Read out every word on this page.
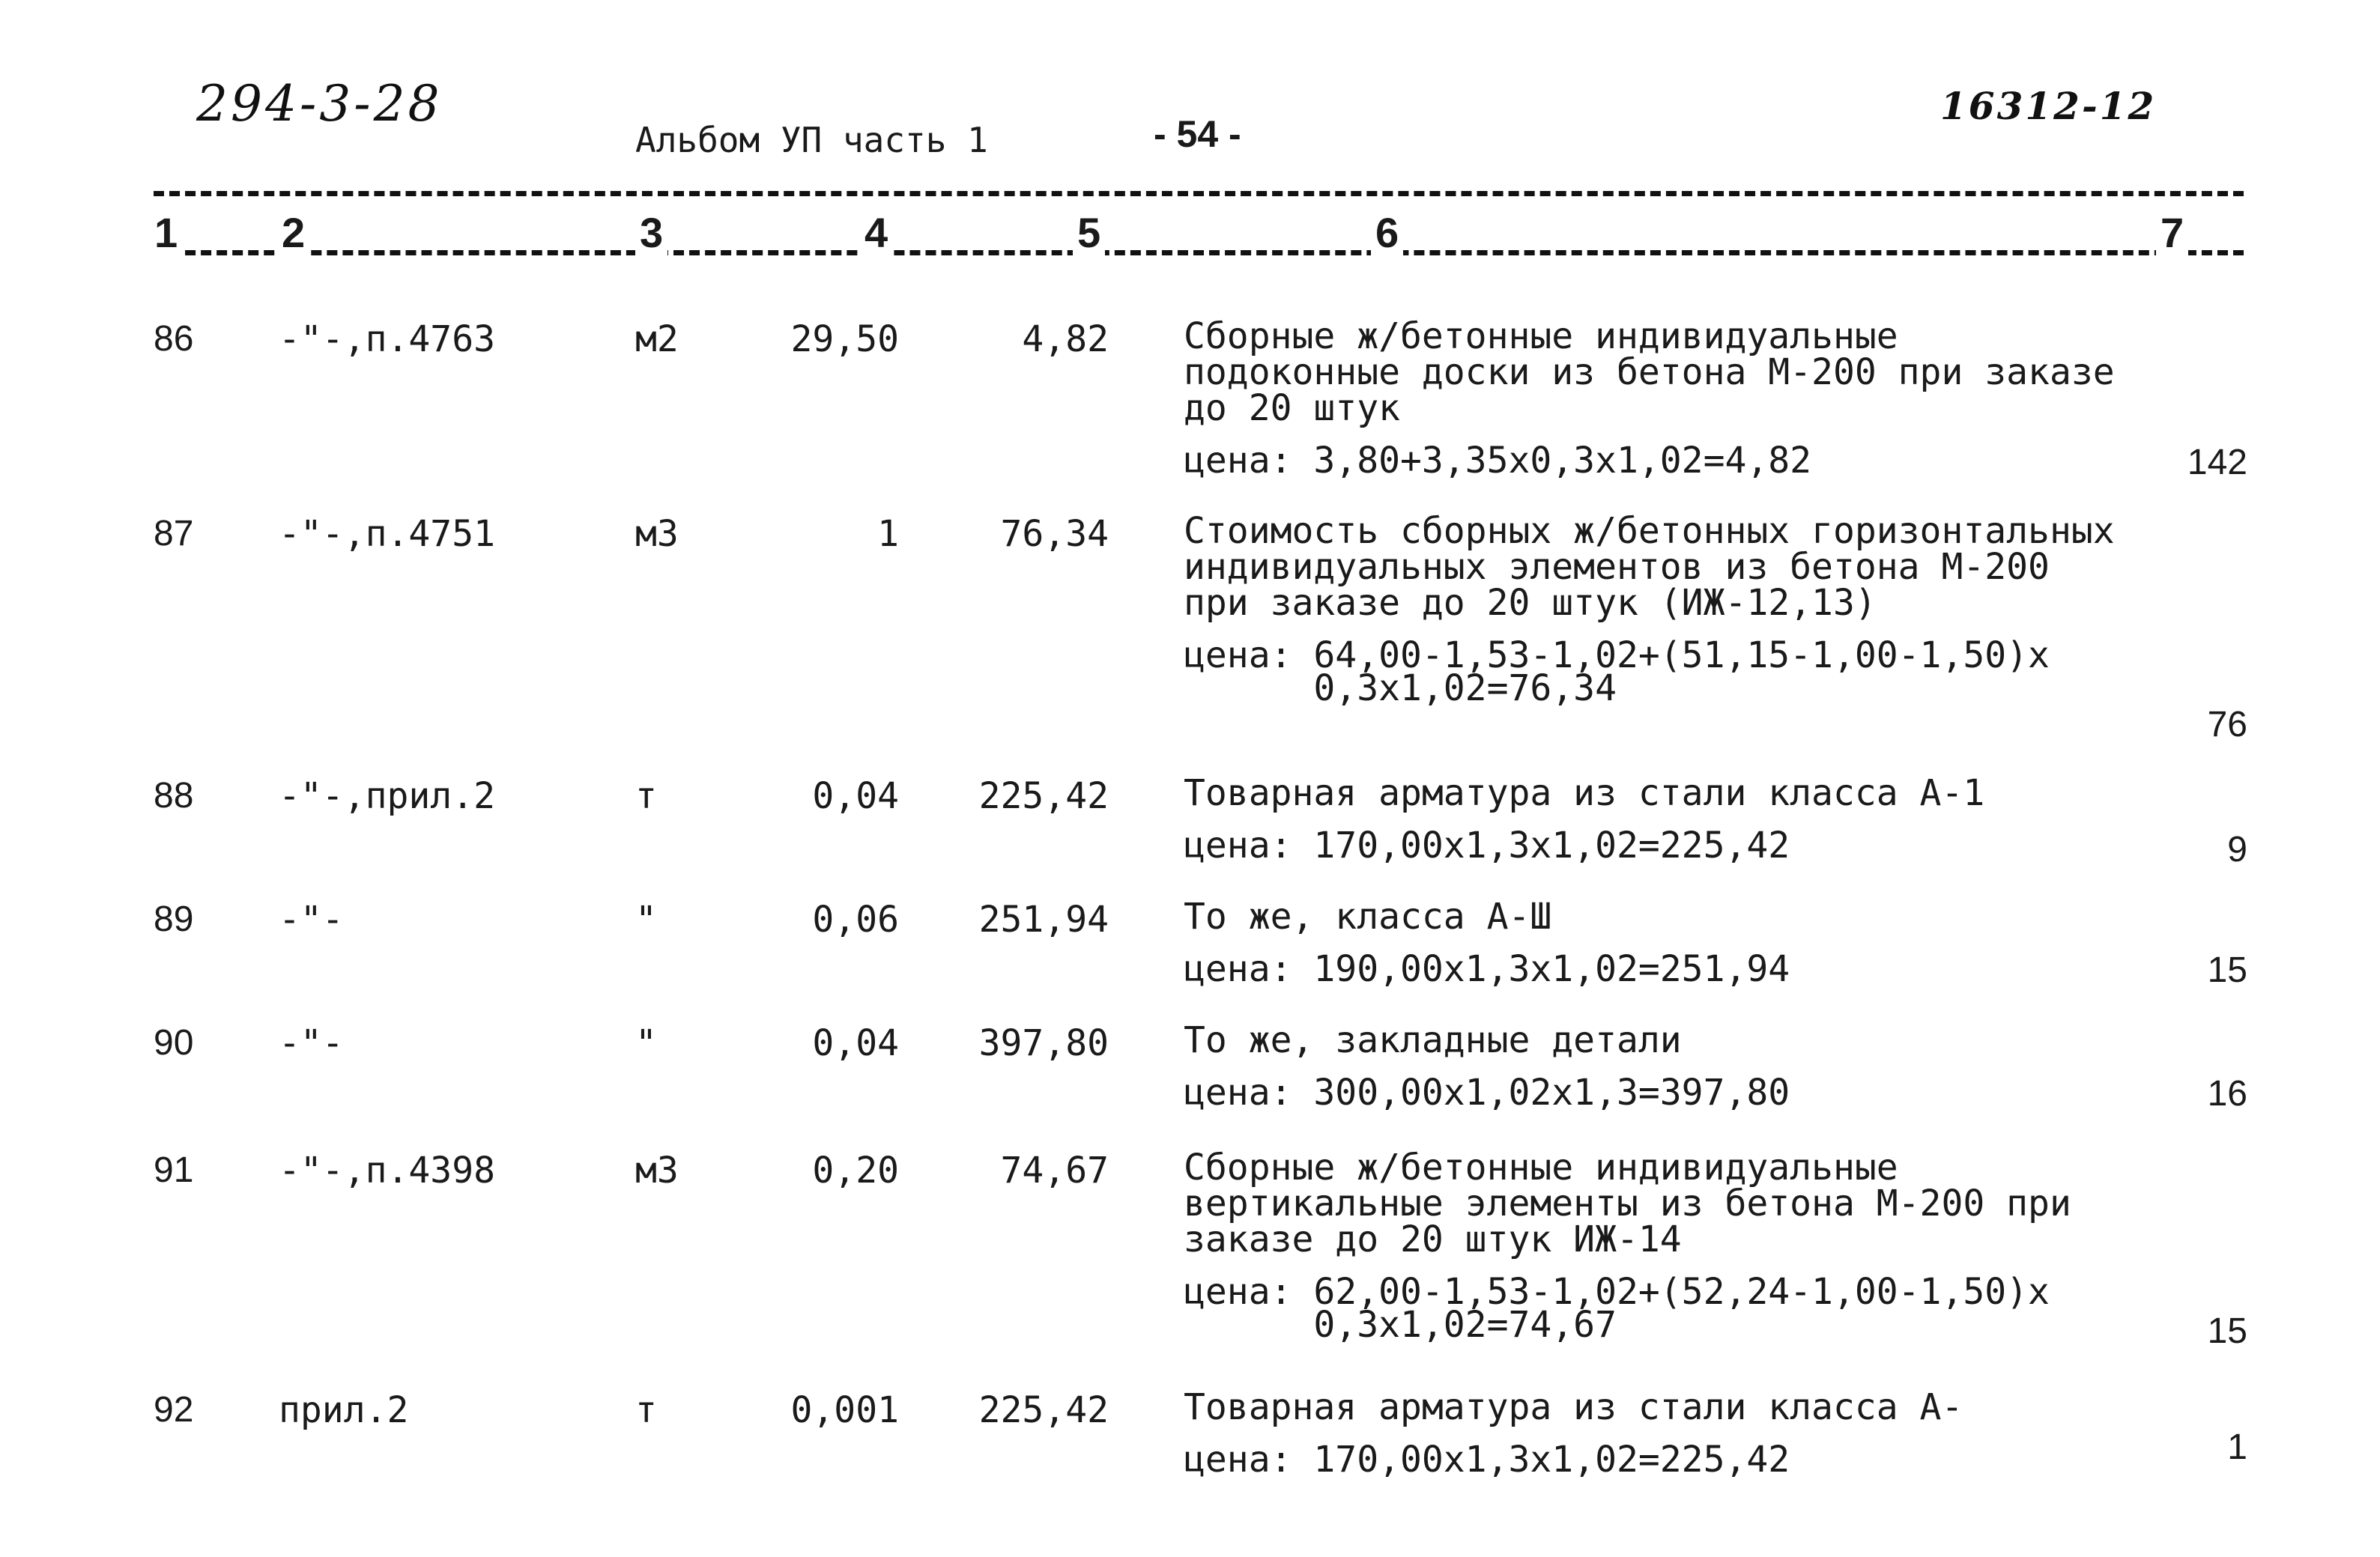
294-3-28
Альбом УП часть 1	- 54 -
16312-12
1 2	3	4	5	6	7
86 -"-,п.4763	м2	29,50	4,82 Сборные ж/бетонные индивидуальные подоконные доски из бетона М-200 при заказе до 20 штук
цена: 3,80+3,35х0,3х1,02=4,82	142
87 -"-,п.4751	м3	1	76,34 Стоимость сборных ж/бетонных горизонтальных индивидуальных элементов из бетона М-200 при заказе до 20 штук (ИЖ-12,13)
цена: 64,00-1,53-1,02+(51,15-1,00-1,50)х
0,3х1,02=76,34
76
88 -"-,прил.2	т	0,04	225,42 Товарная арматура из стали класса А-1
цена: 170,00х1,3х1,02=225,42	9
89 -"-	"	0,06	251,94 То же, класса А-Ш
цена: 190,00х1,3х1,02=251,94	15
90 -"-	"	0,04	397,80 То же, закладные детали
цена: 300,00х1,02х1,3=397,80	16
91 -"-,п.4398	м3	0,20	74,67 Сборные ж/бетонные индивидуальные вертикальные элементы из бетона М-200 при заказе до 20 штук ИЖ-14
цена: 62,00-1,53-1,02+(52,24-1,00-1,50)х
0,3х1,02=74,67	15
92 прил.2	т	0,001	225,42 Товарная арматура из стали класса А-
цена: 170,00х1,3х1,02=225,42	1
